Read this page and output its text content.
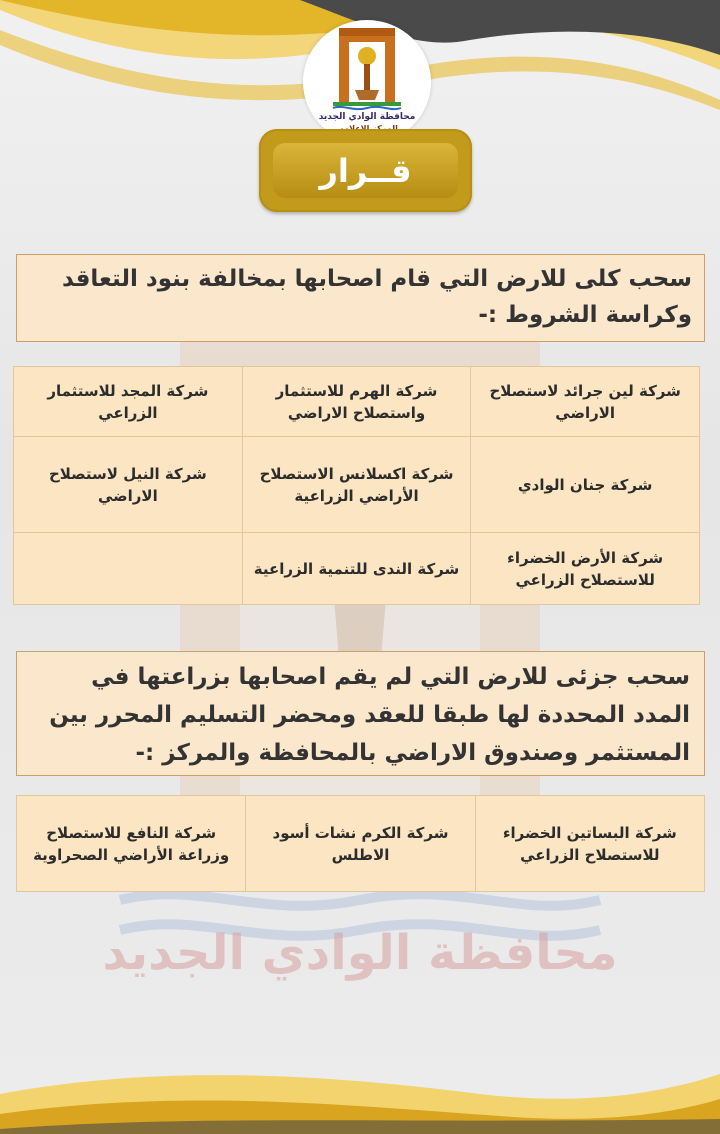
محافظة الوادي الجديد
محافظة الوادي الجديد
قــرار
سحب كلى للارض التي قام اصحابها بمخالفة بنود التعاقد وكراسة الشروط :-
شركة لين جرائد لاستصلاح الاراضي	شركة الهرم للاستثمار واستصلاح الاراضي	شركة المجد للاستثمار الزراعي
شركة جنان الوادي	شركة اكسلانس الاستصلاح الأراضي الزراعية	شركة النيل لاستصلاح الاراضي
شركة الأرض الخضراء للاستصلاح الزراعي	شركة الندى للتنمية الزراعية	
سحب جزئى للارض التي لم يقم اصحابها بزراعتها في المدد المحددة لها طبقا للعقد ومحضر التسليم المحرر بين المستثمر وصندوق الاراضي بالمحافظة والمركز :-
شركة البساتين الخضراء للاستصلاح الزراعي	شركة الكرم نشات أسود الاطلس	شركة النافع للاستصلاح وزراعة الأراضي الصحراوية
